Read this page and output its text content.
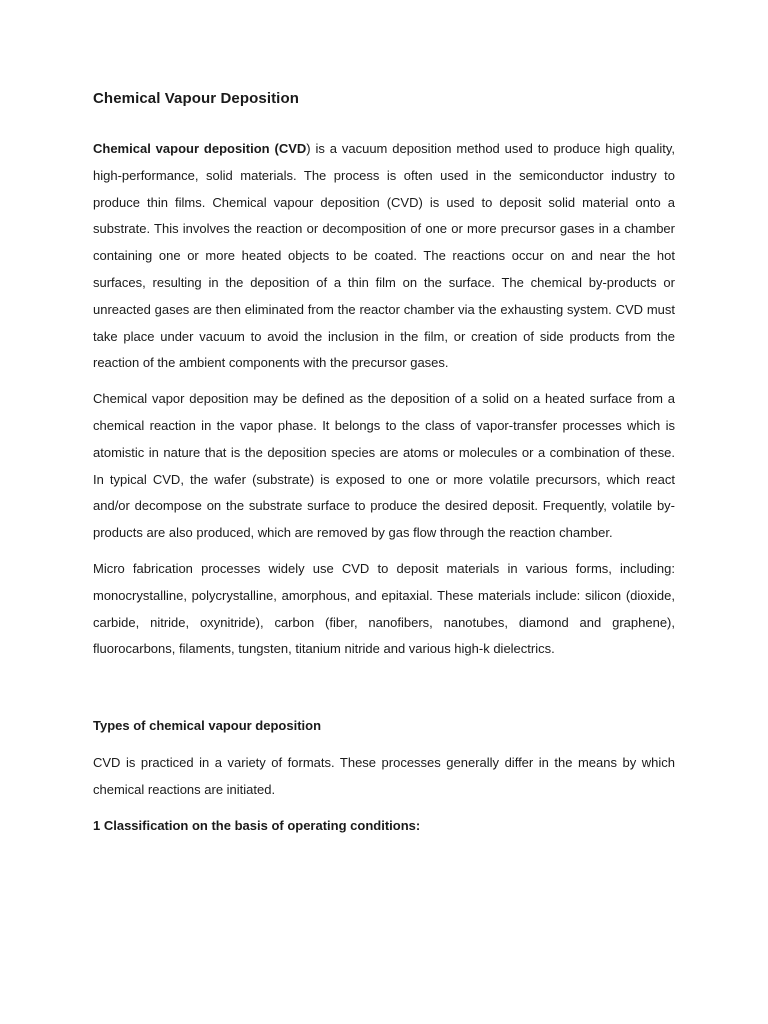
Chemical Vapour Deposition

Chemical vapour deposition (CVD) is a vacuum deposition method used to produce high quality, high-performance, solid materials. The process is often used in the semiconductor industry to produce thin films. Chemical vapour deposition (CVD) is used to deposit solid material onto a substrate. This involves the reaction or decomposition of one or more precursor gases in a chamber containing one or more heated objects to be coated. The reactions occur on and near the hot surfaces, resulting in the deposition of a thin film on the surface. The chemical by-products or unreacted gases are then eliminated from the reactor chamber via the exhausting system. CVD must take place under vacuum to avoid the inclusion in the film, or creation of side products from the reaction of the ambient components with the precursor gases.

Chemical vapor deposition may be defined as the deposition of a solid on a heated surface from a chemical reaction in the vapor phase. It belongs to the class of vapor-transfer processes which is atomistic in nature that is the deposition species are atoms or molecules or a combination of these. In typical CVD, the wafer (substrate) is exposed to one or more volatile precursors, which react and/or decompose on the substrate surface to produce the desired deposit. Frequently, volatile by-products are also produced, which are removed by gas flow through the reaction chamber.

Micro fabrication processes widely use CVD to deposit materials in various forms, including: monocrystalline, polycrystalline, amorphous, and epitaxial. These materials include: silicon (dioxide, carbide, nitride, oxynitride), carbon (fiber, nanofibers, nanotubes, diamond and graphene), fluorocarbons, filaments, tungsten, titanium nitride and various high-k dielectrics.

Types of chemical vapour deposition

CVD is practiced in a variety of formats. These processes generally differ in the means by which chemical reactions are initiated.

1 Classification on the basis of operating conditions:
